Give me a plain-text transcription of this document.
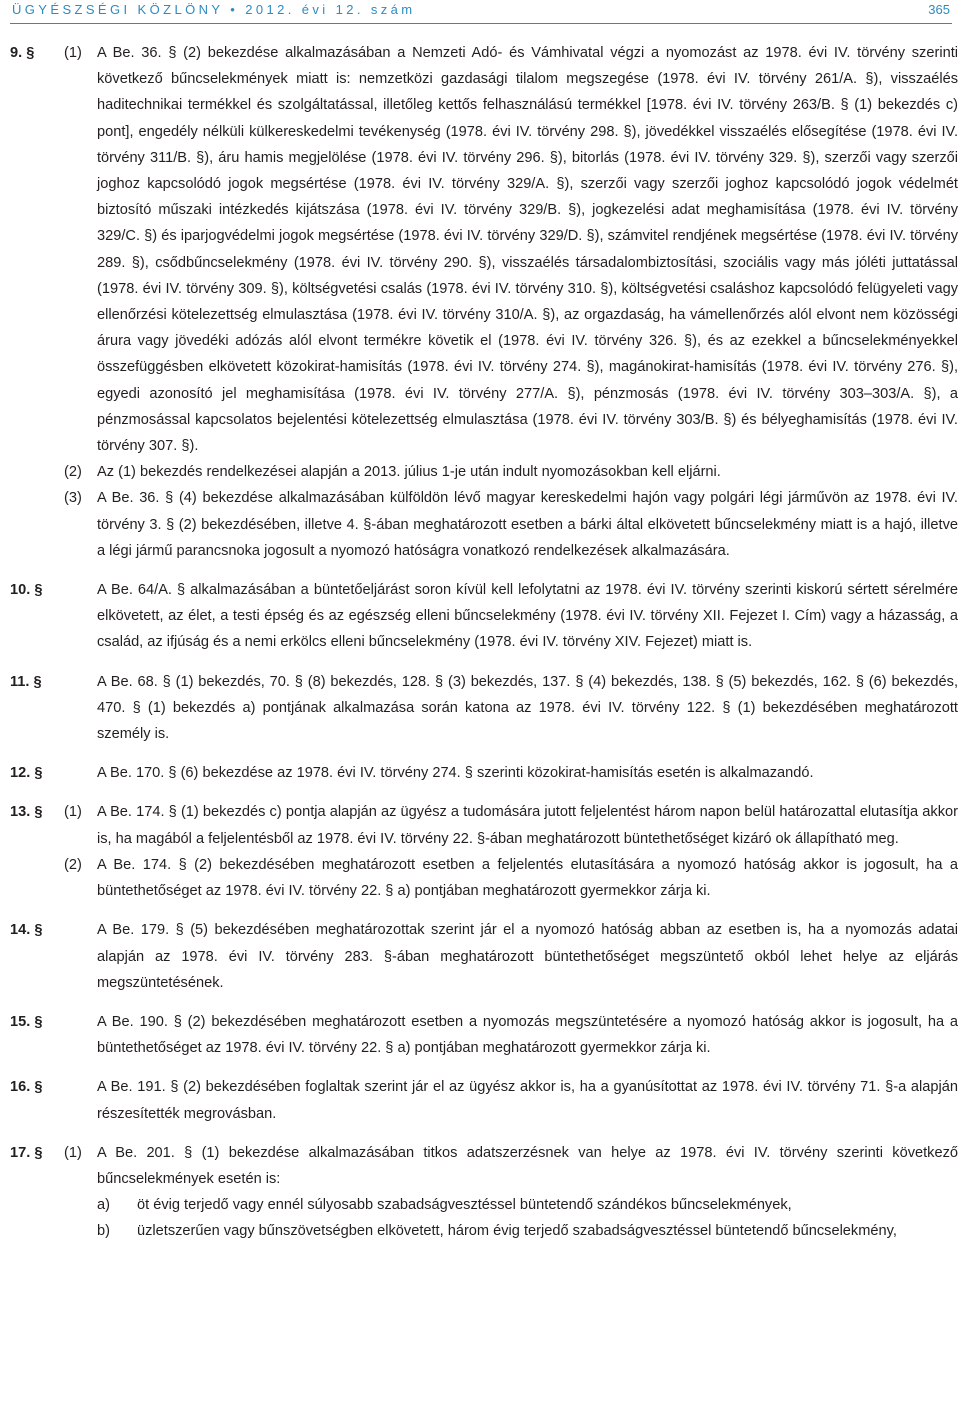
ÜGYÉSZSÉGI KÖZLÖNY • 2012. évi 12. szám	365
9. § (1) A Be. 36. § (2) bekezdése alkalmazásában a Nemzeti Adó- és Vámhivatal végzi a nyomozást az 1978. évi IV. törvény szerinti következő bűncselekmények miatt is: nemzetközi gazdasági tilalom megszegése (1978. évi IV. törvény 261/A. §), visszaélés haditechnikai termékkel és szolgáltatással, illetőleg kettős felhasználású termékkel [1978. évi IV. törvény 263/B. § (1) bekezdés c) pont], engedély nélküli külkereskedelmi tevékenység (1978. évi IV. törvény 298. §), jövedékkel visszaélés elősegítése (1978. évi IV. törvény 311/B. §), áru hamis megjelölése (1978. évi IV. törvény 296. §), bitorlás (1978. évi IV. törvény 329. §), szerzői vagy szerzői joghoz kapcsolódó jogok megsértése (1978. évi IV. törvény 329/A. §), szerzői vagy szerzői joghoz kapcsolódó jogok védelmét biztosító műszaki intézkedés kijátszása (1978. évi IV. törvény 329/B. §), jogkezelési adat meghamisítása (1978. évi IV. törvény 329/C. §) és iparjogvédelmi jogok megsértése (1978. évi IV. törvény 329/D. §), számvitel rendjének megsértése (1978. évi IV. törvény 289. §), csődbűncselekmény (1978. évi IV. törvény 290. §), visszaélés társadalombiztosítási, szociális vagy más jóléti juttatással (1978. évi IV. törvény 309. §), költségvetési csalás (1978. évi IV. törvény 310. §), költségvetési csaláshoz kapcsolódó felügyeleti vagy ellenőrzési kötelezettség elmulasztása (1978. évi IV. törvény 310/A. §), az orgazdaság, ha vámellenőrzés alól elvont nem közösségi árura vagy jövedéki adózás alól elvont termékre követik el (1978. évi IV. törvény 326. §), és az ezekkel a bűncselekményekkel összefüggésben elkövetett közokirat-hamisítás (1978. évi IV. törvény 274. §), magánokirat-hamisítás (1978. évi IV. törvény 276. §), egyedi azonosító jel meghamisítása (1978. évi IV. törvény 277/A. §), pénzmosás (1978. évi IV. törvény 303–303/A. §), a pénzmosással kapcsolatos bejelentési kötelezettség elmulasztása (1978. évi IV. törvény 303/B. §) és bélyeghamisítás (1978. évi IV. törvény 307. §).

(2) Az (1) bekezdés rendelkezései alapján a 2013. július 1-je után indult nyomozásokban kell eljárni.

(3) A Be. 36. § (4) bekezdése alkalmazásában külföldön lévő magyar kereskedelmi hajón vagy polgári légi járművön az 1978. évi IV. törvény 3. § (2) bekezdésében, illetve 4. §-ában meghatározott esetben a bárki által elkövetett bűncselekmény miatt is a hajó, illetve a légi jármű parancsnoka jogosult a nyomozó hatóságra vonatkozó rendelkezések alkalmazására.

10. §	A Be. 64/A. § alkalmazásában a büntetőeljárást soron kívül kell lefolytatni az 1978. évi IV. törvény szerinti kiskorú sértett sérelmére elkövetett, az élet, a testi épség és az egészség elleni bűncselekmény (1978. évi IV. törvény XII. Fejezet I. Cím) vagy a házasság, a család, az ifjúság és a nemi erkölcs elleni bűncselekmény (1978. évi IV. törvény XIV. Fejezet) miatt is.

11. §	A Be. 68. § (1) bekezdés, 70. § (8) bekezdés, 128. § (3) bekezdés, 137. § (4) bekezdés, 138. § (5) bekezdés, 162. § (6) bekezdés, 470. § (1) bekezdés a) pontjának alkalmazása során katona az 1978. évi IV. törvény 122. § (1) bekezdésében meghatározott személy is.

12. §	A Be. 170. § (6) bekezdése az 1978. évi IV. törvény 274. § szerinti közokirat-hamisítás esetén is alkalmazandó.

13. § (1) A Be. 174. § (1) bekezdés c) pontja alapján az ügyész a tudomására jutott feljelentést három napon belül határozattal elutasítja akkor is, ha magából a feljelentésből az 1978. évi IV. törvény 22. §-ában meghatározott büntethetőséget kizáró ok állapítható meg.

(2) A Be. 174. § (2) bekezdésében meghatározott esetben a feljelentés elutasítására a nyomozó hatóság akkor is jogosult, ha a büntethetőséget az 1978. évi IV. törvény 22. § a) pontjában meghatározott gyermekkor zárja ki.

14. §	A Be. 179. § (5) bekezdésében meghatározottak szerint jár el a nyomozó hatóság abban az esetben is, ha a nyomozás adatai alapján az 1978. évi IV. törvény 283. §-ában meghatározott büntethetőséget megszüntető okból lehet helye az eljárás megszüntetésének.

15. §	A Be. 190. § (2) bekezdésében meghatározott esetben a nyomozás megszüntetésére a nyomozó hatóság akkor is jogosult, ha a büntethetőséget az 1978. évi IV. törvény 22. § a) pontjában meghatározott gyermekkor zárja ki.

16. §	A Be. 191. § (2) bekezdésében foglaltak szerint jár el az ügyész akkor is, ha a gyanúsítottat az 1978. évi IV. törvény 71. §-a alapján részesítették megrovásban.

17. § (1) A Be. 201. § (1) bekezdése alkalmazásában titkos adatszerzésnek van helye az 1978. évi IV. törvény szerinti következő bűncselekmények esetén is:

a) öt évig terjedő vagy ennél súlyosabb szabadságvesztéssel büntetendő szándékos bűncselekmények,

b) üzletszerűen vagy bűnszövetségben elkövetett, három évig terjedő szabadságvesztéssel büntetendő bűncselekmény,
